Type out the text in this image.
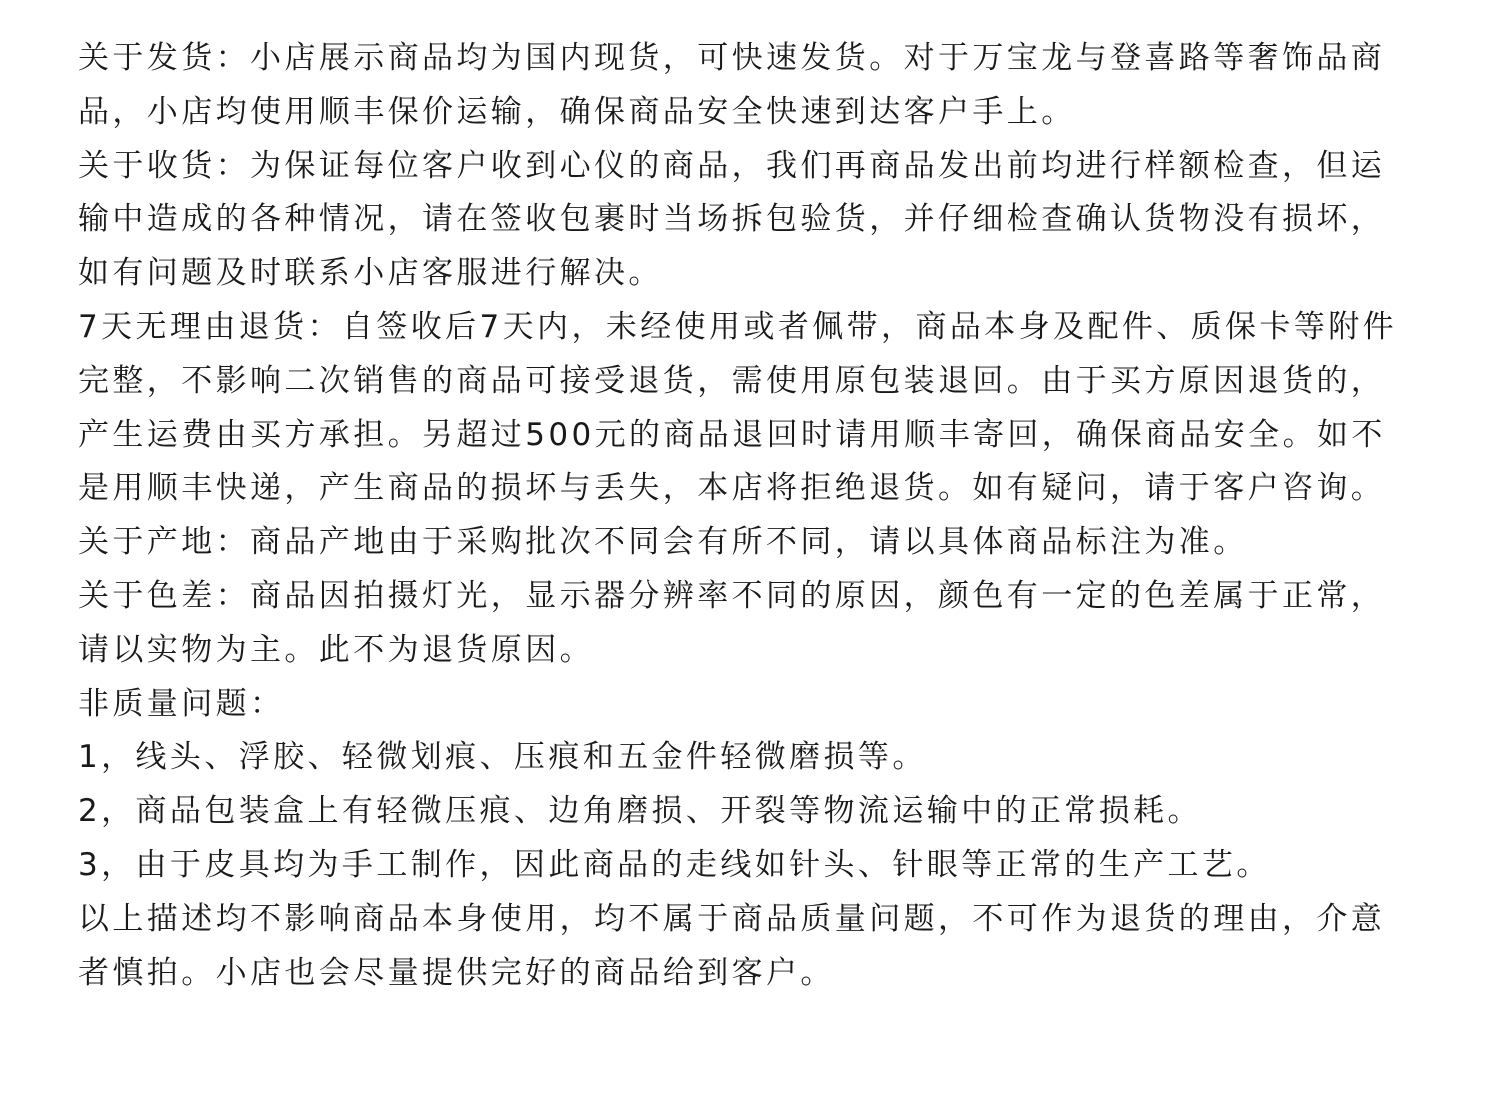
关于发货：小店展示商品均为国内现货，可快速发货。对于万宝龙与登喜路等奢饰品商品，小店均使用顺丰保价运输，确保商品安全快速到达客户手上。

关于收货：为保证每位客户收到心仪的商品，我们再商品发出前均进行样额检查，但运输中造成的各种情况，请在签收包裹时当场拆包验货，并仔细检查确认货物没有损坏，如有问题及时联系小店客服进行解决。

7天无理由退货：自签收后7天内，未经使用或者佩带，商品本身及配件、质保卡等附件完整，不影响二次销售的商品可接受退货，需使用原包装退回。由于买方原因退货的，产生运费由买方承担。另超过500元的商品退回时请用顺丰寄回，确保商品安全。如不是用顺丰快递，产生商品的损坏与丢失，本店将拒绝退货。如有疑问，请于客户咨询。

关于产地：商品产地由于采购批次不同会有所不同，请以具体商品标注为准。

关于色差：商品因拍摄灯光，显示器分辨率不同的原因，颜色有一定的色差属于正常，请以实物为主。此不为退货原因。

非质量问题：

1，线头、浮胶、轻微划痕、压痕和五金件轻微磨损等。

2，商品包装盒上有轻微压痕、边角磨损、开裂等物流运输中的正常损耗。

3，由于皮具均为手工制作，因此商品的走线如针头、针眼等正常的生产工艺。

以上描述均不影响商品本身使用，均不属于商品质量问题，不可作为退货的理由，介意者慎拍。小店也会尽量提供完好的商品给到客户。
